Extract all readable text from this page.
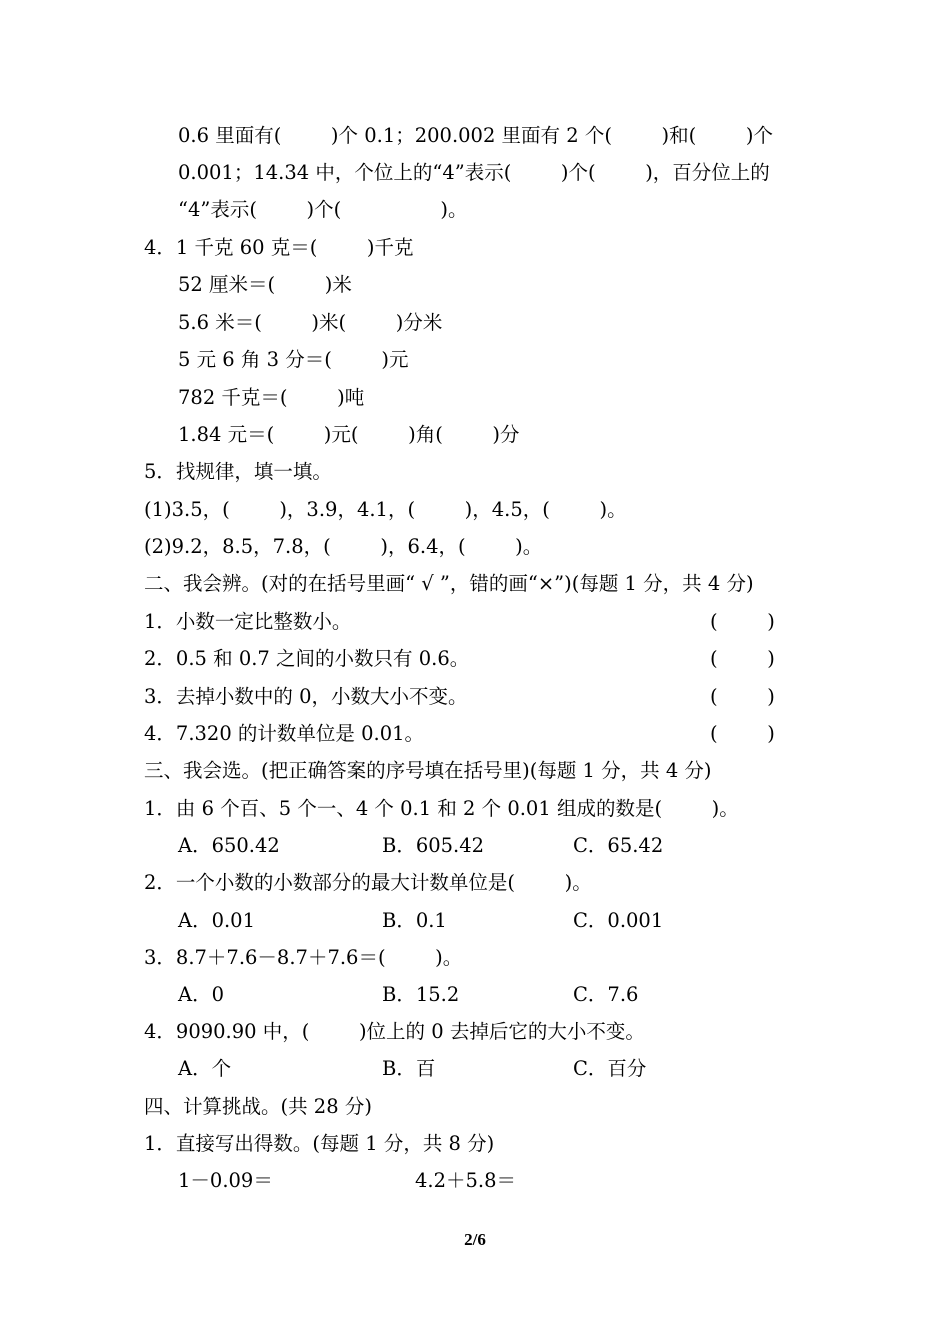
0.6 里面有(        )个 0.1；200.002 里面有 2 个(        )和(        )个
0.001；14.34 中，个位上的“4”表示(        )个(        )，百分位上的
“4”表示(        )个(                )。
4．1 千克 60 克＝(        )千克
52 厘米＝(        )米
5.6 米＝(        )米(        )分米
5 元 6 角 3 分＝(        )元
782 千克＝(        )吨
1.84 元＝(        )元(        )角(        )分
5．找规律，填一填。
(1)3.5，(        )，3.9，4.1，(        )，4.5，(        )。
(2)9.2，8.5，7.8，(        )，6.4，(        )。
二、我会辨。(对的在括号里画“ √ ”，错的画“×”)(每题 1 分，共 4 分)
1．小数一定比整数小。	(        )
2．0.5 和 0.7 之间的小数只有 0.6。	(        )
3．去掉小数中的 0，小数大小不变。	(        )
4．7.320 的计数单位是 0.01。	(        )
三、我会选。(把正确答案的序号填在括号里)(每题 1 分，共 4 分)
1．由 6 个百、5 个一、4 个 0.1 和 2 个 0.01 组成的数是(        )。
A．650.42	B．605.42	C．65.42
2．一个小数的小数部分的最大计数单位是(        )。
A．0.01	B．0.1	C．0.001
3．8.7＋7.6－8.7＋7.6＝(        )。
A．0	B．15.2	C．7.6
4．9090.90 中，(        )位上的 0 去掉后它的大小不变。
A．个	B．百	C．百分
四、计算挑战。(共 28 分)
1．直接写出得数。(每题 1 分，共 8 分)
1－0.09＝	4.2＋5.8＝
2/6
